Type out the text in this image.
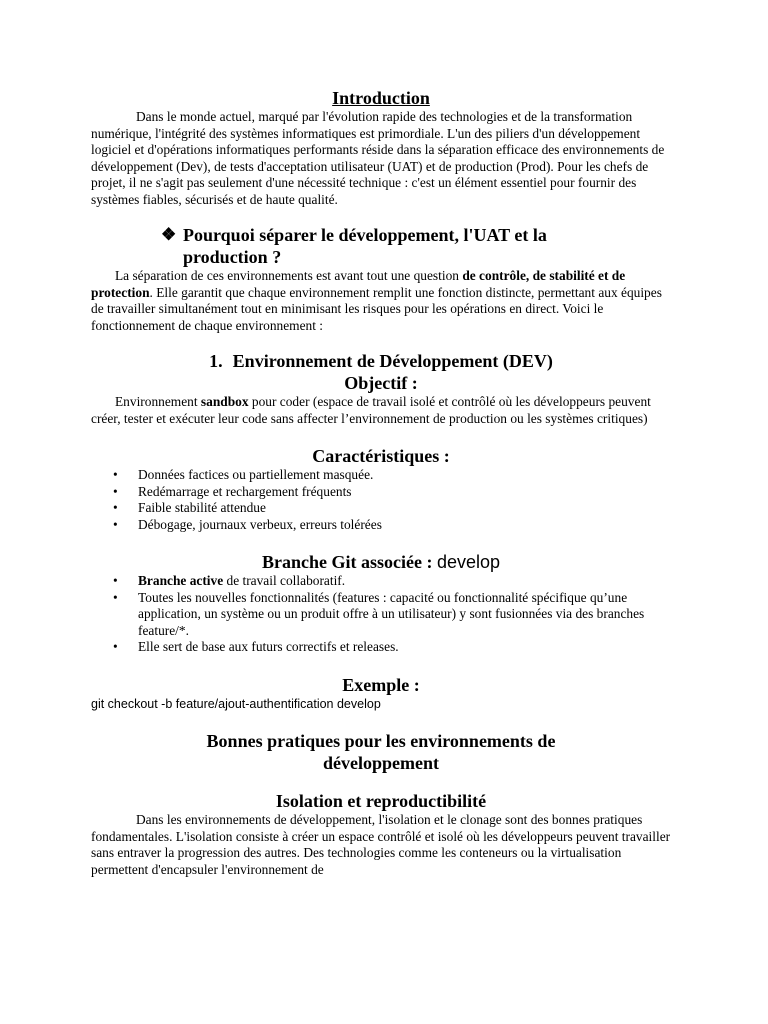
Introduction

Dans le monde actuel, marqué par l'évolution rapide des technologies et de la transformation numérique, l'intégrité des systèmes informatiques est primordiale. L'un des piliers d'un développement logiciel et d'opérations informatiques performants réside dans la séparation efficace des environnements de développement (Dev), de tests d'acceptation utilisateur (UAT) et de production (Prod). Pour les chefs de projet, il ne s'agit pas seulement d'une nécessité technique : c'est un élément essentiel pour fournir des systèmes fiables, sécurisés et de haute qualité.

❖ Pourquoi séparer le développement, l'UAT et la
production ?

La séparation de ces environnements est avant tout une question de contrôle, de stabilité et de protection. Elle garantit que chaque environnement remplit une fonction distincte, permettant aux équipes de travailler simultanément tout en minimisant les risques pour les opérations en direct. Voici le fonctionnement de chaque environnement :

1. Environnement de Développement (DEV)
Objectif :

Environnement sandbox pour coder (espace de travail isolé et contrôlé où les développeurs peuvent créer, tester et exécuter leur code sans affecter l’environnement de production ou les systèmes critiques)

Caractéristiques :
• Données factices ou partiellement masquée.
• Redémarrage et rechargement fréquents
• Faible stabilité attendue
• Débogage, journaux verbeux, erreurs tolérées
Branche Git associée : develop
• Branche active de travail collaboratif.
• Toutes les nouvelles fonctionnalités (features : capacité ou fonctionnalité spécifique qu’une application, un système ou un produit offre à un utilisateur) y sont fusionnées via des branches feature/*.
• Elle sert de base aux futurs correctifs et releases.
Exemple :

git checkout -b feature/ajout-authentification develop

Bonnes pratiques pour les environnements de
développement
Isolation et reproductibilité

Dans les environnements de développement, l'isolation et le clonage sont des bonnes pratiques fondamentales. L'isolation consiste à créer un espace contrôlé et isolé où les développeurs peuvent travailler sans entraver la progression des autres. Des technologies comme les conteneurs ou la virtualisation permettent d'encapsuler l'environnement de
